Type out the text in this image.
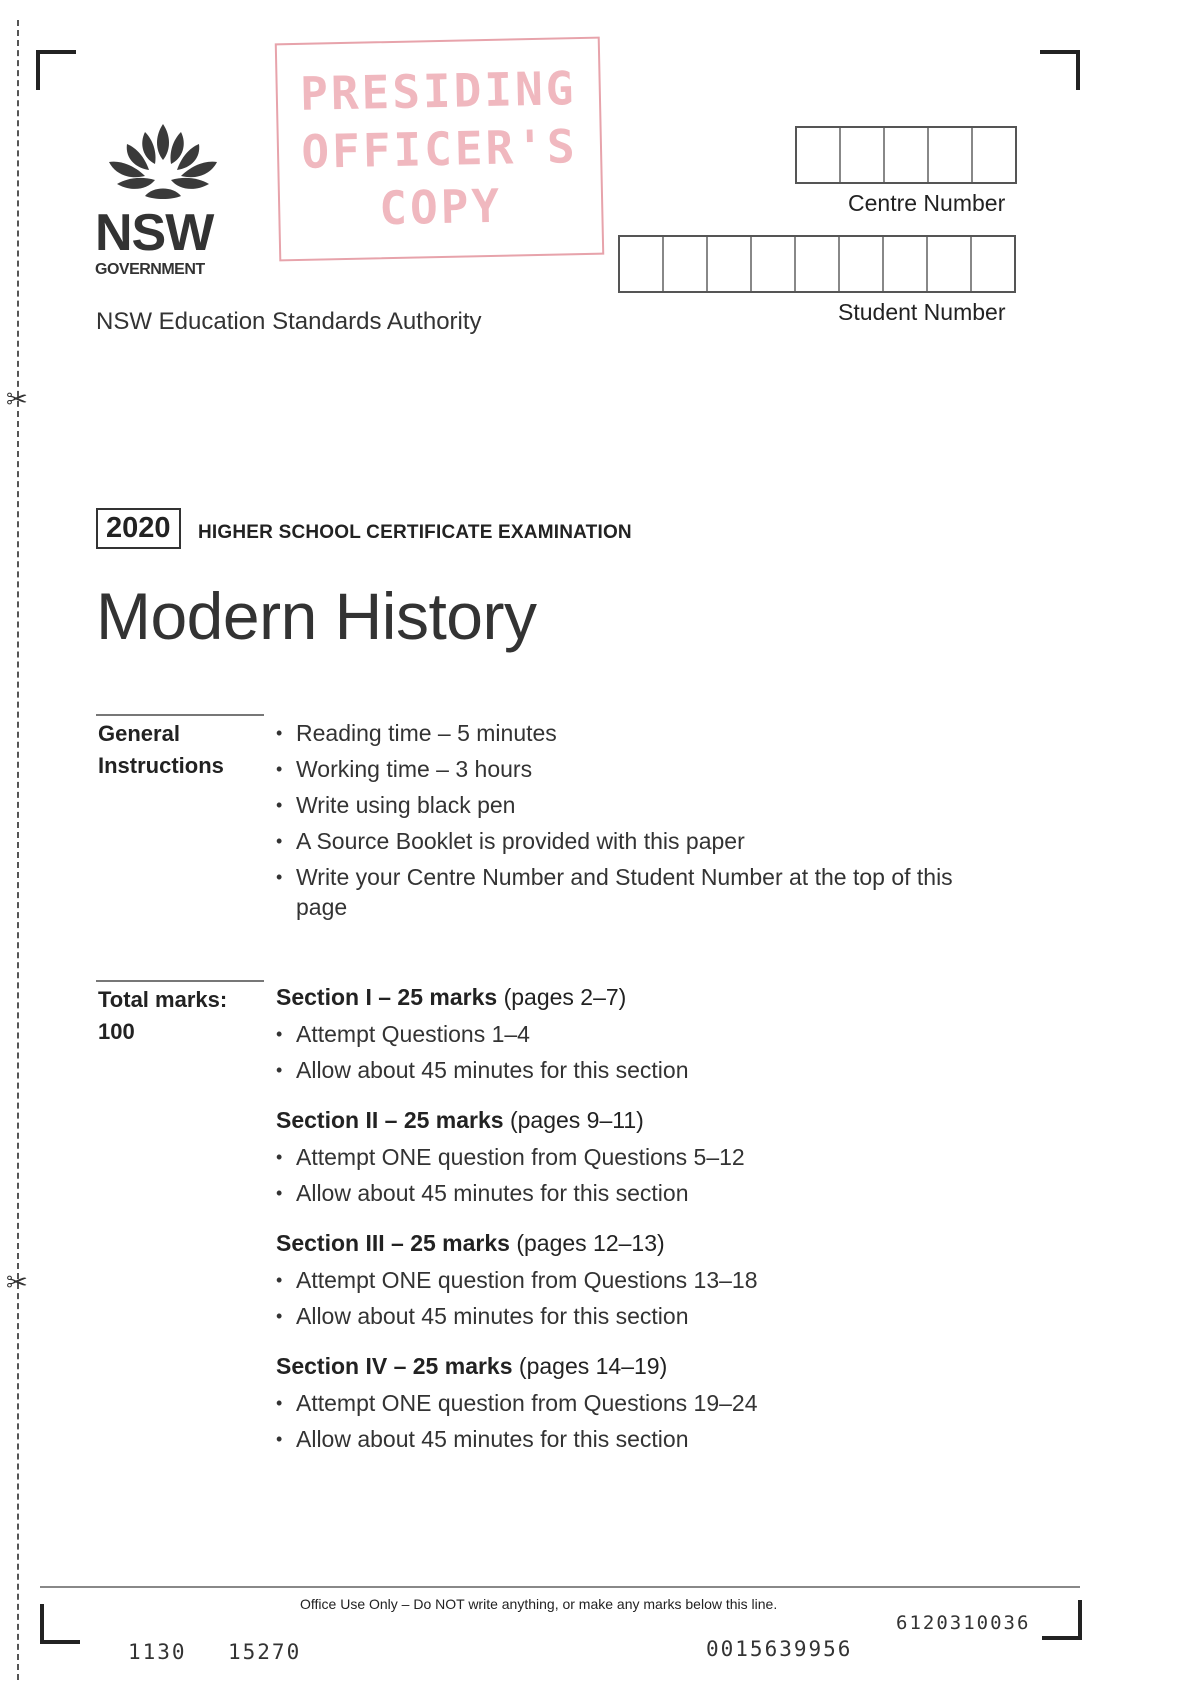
✂
✂
NSW
GOVERNMENT
NSW Education Standards Authority
PRESIDING
OFFICER'S
COPY	Centre Number
Student Number
2020	HIGHER SCHOOL CERTIFICATE EXAMINATION
Modern History
General
Instructions
• Reading time – 5 minutes
• Working time – 3 hours
• Write using black pen
• A Source Booklet is provided with this paper
• Write your Centre Number and Student Number at the top of this page
Total marks:
100
Section I – 25 marks (pages 2–7)
• Attempt Questions 1–4
• Allow about 45 minutes for this section
Section II – 25 marks (pages 9–11)
• Attempt ONE question from Questions 5–12
• Allow about 45 minutes for this section
Section III – 25 marks (pages 12–13)
• Attempt ONE question from Questions 13–18
• Allow about 45 minutes for this section
Section IV – 25 marks (pages 14–19)
• Attempt ONE question from Questions 19–24
• Allow about 45 minutes for this section
Office Use Only – Do NOT write anything, or make any marks below this line.
6120310036
1130 15270	0015639956
